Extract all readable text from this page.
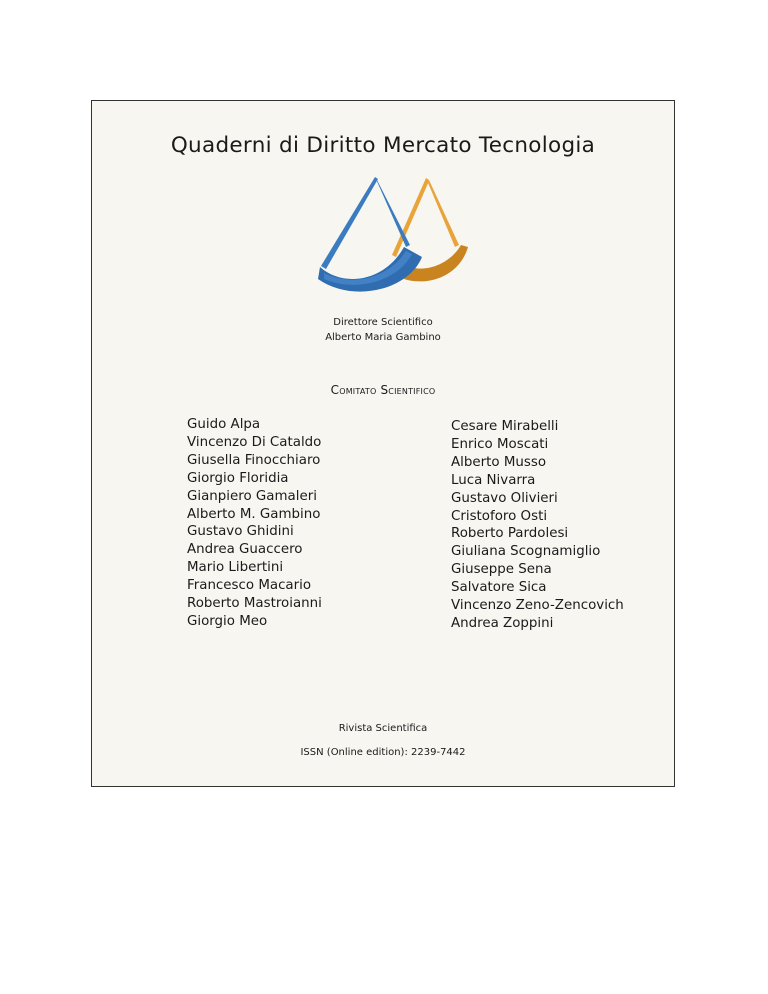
Quaderni di Diritto Mercato Tecnologia
Direttore Scientifico
Alberto Maria Gambino
Comitato Scientifico
Guido Alpa
Vincenzo Di Cataldo
Giusella Finocchiaro
Giorgio Floridia
Gianpiero Gamaleri
Alberto M. Gambino
Gustavo Ghidini
Andrea Guaccero
Mario Libertini
Francesco Macario
Roberto Mastroianni
Giorgio Meo
Cesare Mirabelli
Enrico Moscati
Alberto Musso
Luca Nivarra
Gustavo Olivieri
Cristoforo Osti
Roberto Pardolesi
Giuliana Scognamiglio
Giuseppe Sena
Salvatore Sica
Vincenzo Zeno-Zencovich
Andrea Zoppini
Rivista Scientifica
ISSN (Online edition): 2239-7442
